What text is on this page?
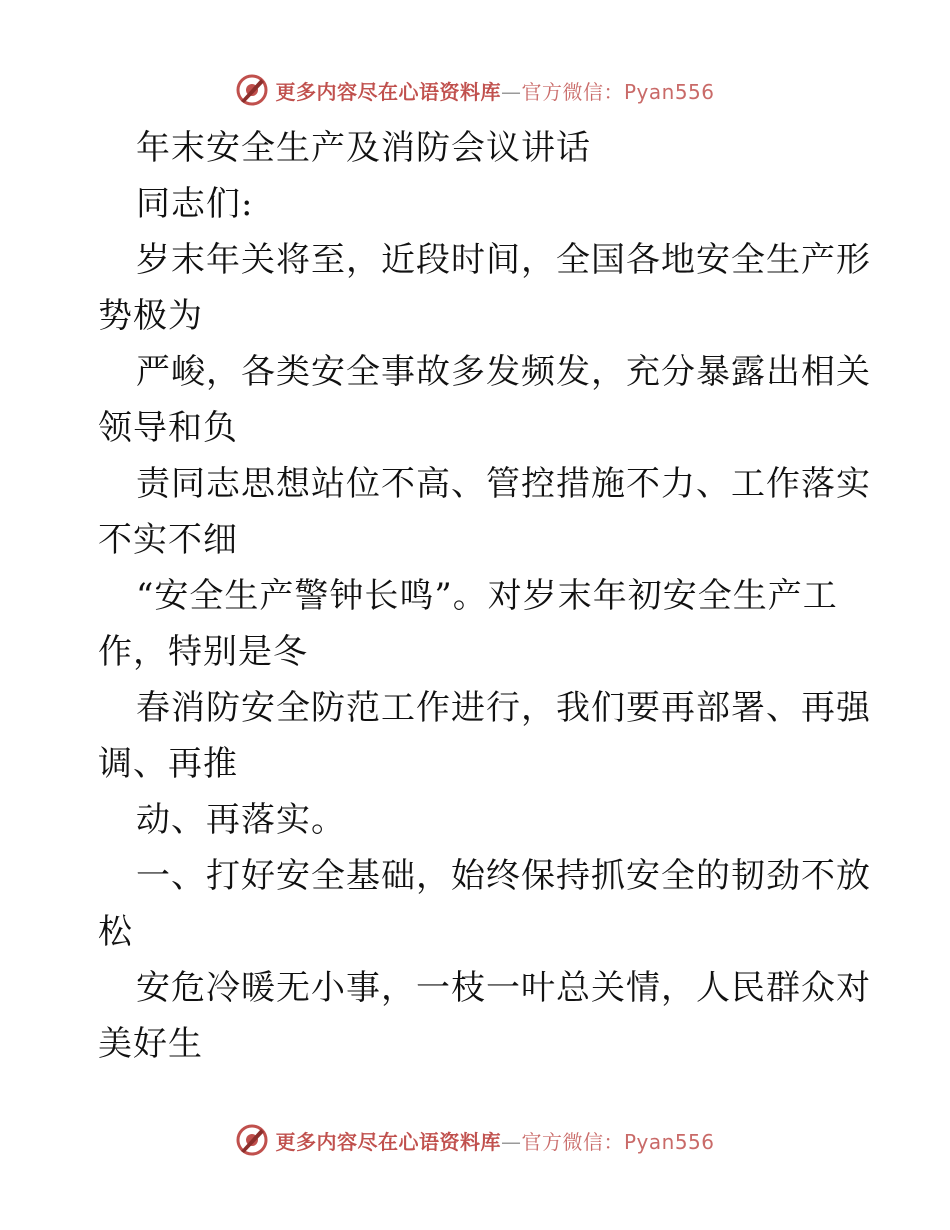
更多内容尽在心语资料库—官方微信：Pyan556
年末安全生产及消防会议讲话
同志们:
岁末年关将至，近段时间，全国各地安全生产形
势极为
严峻，各类安全事故多发频发，充分暴露出相关
领导和负
责同志思想站位不高、管控措施不力、工作落实
不实不细
“安全生产警钟长鸣”。对岁末年初安全生产工
作，特别是冬
春消防安全防范工作进行，我们要再部署、再强
调、再推
动、再落实。
一、打好安全基础，始终保持抓安全的韧劲不放
松
安危冷暖无小事，一枝一叶总关情，人民群众对
美好生
更多内容尽在心语资料库—官方微信：Pyan556
